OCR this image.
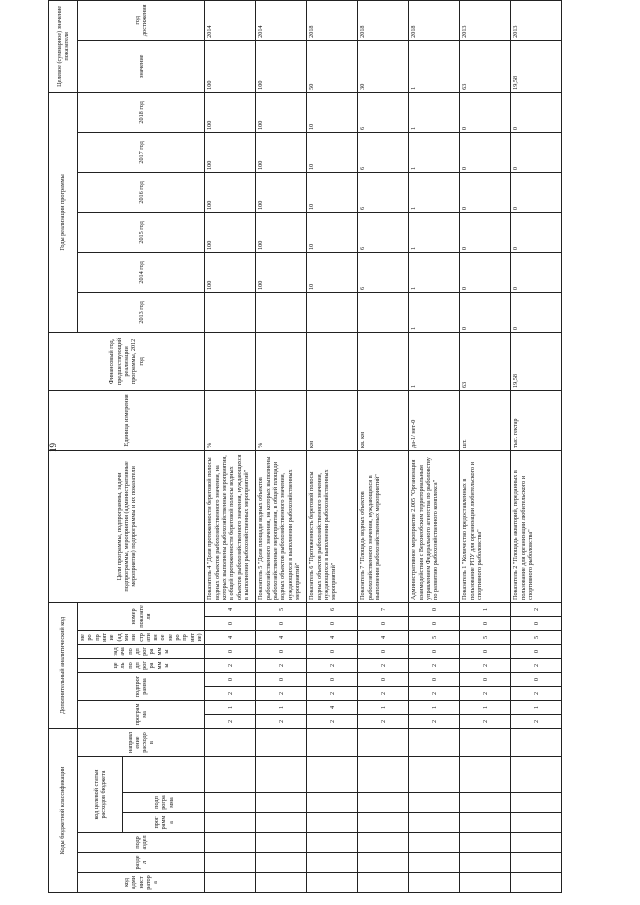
19
Коды бюджетной классификации							Дополнительный аналитический код									Цели программы, подпрограммы, задачи подпрограммы, мероприятия (административные мероприятия) подпрограммы и их показатели	Единица измерения	Финансовый год, предшествующий реализации программы, 2012 год	Годы реализации программы						Целевое (суммарное) значение показателя	
код администратора	раздел	подраздел	код целевой статьи расходов бюджета			направление расходов	программа		подпрограмма		цель подпрограммы	задача подпрограммы	мероприятие (административное мероприятие)	номер показателя					2013 год	2014 год	2015 год	2016 год	2017 год	2018 год	значение	год достижения
			программа	подпрограмма																						
							2	1	2	0	2	0	4	0	4	Показатель 4 "Доля протяженности береговой полосы водных объектов рыбохозяйственного значения, на которых выполнены рыбохозяйственные мероприятия, в общей протяженности береговой полосы водных объектов рыбохозяйственного значения, нуждающихся в выполнении рыбохозяйственных мероприятий"	%			100	100	100	100	100	100	2014
							2	1	2	0	2	0	4	0	5	Показатель 5 "Доля площади водных объектов рыбохозяйственного значения, на которых выполнены рыбохозяйственные мероприятия, в общей площади водных объектов рыбохозяйственного значения, нуждающихся в выполнении рыбохозяйственных мероприятий"	%			100	100	100	100	100	100	2014
							2	4	2	0	2	0	4	0	6	Показатель 6 "Протяженность береговой полосы водных объектов рыбохозяйственного значения, нуждающихся в выполнении рыбохозяйственных мероприятий"	км			10	10	10	10	10	50	2018
							2	1	2	0	2	0	4	0	7	Показатель 7 "Площадь водных объектов рыбохозяйственного значения, нуждающихся в выполнении рыбохозяйственных мероприятий"	кв. км			6	6	6	6	6	30	2018
							2	1	2	0	2	0	5	0	0	Административное мероприятие 2.005 "Организация взаимодействия с Верхнеобским территориальным управлением Федерального агентства по рыболовству по развитию рыбохозяйственного комплекса"	да-1/ нет-0	1	1	1	1	1	1	1	1	2018
							2	1	2	0	2	0	5	0	1	Показатель 1 "Количество предоставленных в пользование РПУ для организации любительского и спортивного рыболовства"	шт.	63	0	0	0	0	0	0	63	2013
							2	1	2	0	2	0	5	0	2	Показатель 2 "Площадь акваторий, переданных в пользование для организации любительского и спортивного рыболовства"	тыс. гектар	19,58	0	0	0	0	0	0	19,58	2013
